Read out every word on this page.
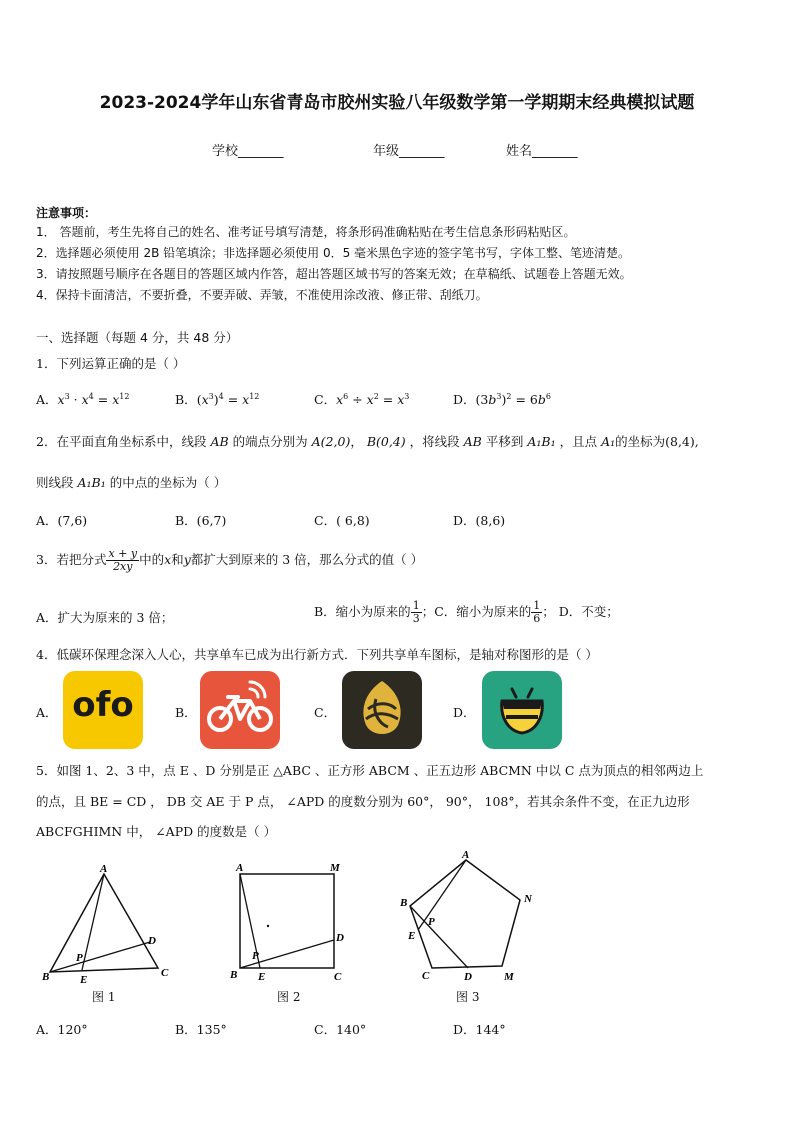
2023-2024学年山东省青岛市胶州实验八年级数学第一学期期末经典模拟试题
学校_______	年级_______	姓名_______
注意事项：
1． 答题前，考生先将自己的姓名、准考证号填写清楚，将条形码准确粘贴在考生信息条形码粘贴区。
2．选择题必须使用 2B 铅笔填涂；非选择题必须使用 0．5 毫米黑色字迹的签字笔书写，字体工整、笔迹清楚。
3．请按照题号顺序在各题目的答题区域内作答，超出答题区域书写的答案无效；在草稿纸、试题卷上答题无效。
4．保持卡面清洁，不要折叠，不要弄破、弄皱，不准使用涂改液、修正带、刮纸刀。
一、选择题（每题 4 分，共 48 分）
1．下列运算正确的是（ ）
A．$x^3 \cdot x^4 = x^{12}$	B．$(x^3)^4 = x^{12}$	C．$x^6 \div x^2 = x^3$	D．$(3b^3)^2 = 6b^6$
2．在平面直角坐标系中，线段 AB 的端点分别为 A(2,0)， B(0,4) ，将线段 AB 平移到 A₁B₁ ，且点 A₁的坐标为(8,4),
则线段 A₁B₁ 的中点的坐标为（ ）
A．(7,6)	B．(6,7)	C．( 6,8)	D．(8,6)
3．若把分式 $\frac{x + y}{2xy}$ 中的x和y都扩大到原来的 3 倍，那么分式的值（ ）
A．扩大为原来的 3 倍；	B．缩小为原来的 $\frac{1}{3}$ ；C．缩小为原来的 $\frac{1}{6}$ ； D．不变；
4．低碳环保理念深入人心，共享单车已成为出行新方式．下列共享单车图标，是轴对称图形的是（ ）
A． ofo	B．	C．	D．
5．如图 1、2、3 中，点 E 、D 分别是正 △ABC 、正方形 ABCM 、正五边形 ABCMN 中以 C 点为顶点的相邻两边上
的点，且 BE = CD ， DB 交 AE 于 P 点， ∠APD 的度数分别为 60°， 90°， 108°，若其余条件不变，在正九边形
ABCFGHIMN 中， ∠APD 的度数是（ ）
A
B	C
D
E
P
图 1
A	M
B	C
D
E
P
图 2
A
N
B
E
P
C	D	M
图 3
A．120°	B．135°	C．140°	D．144°
